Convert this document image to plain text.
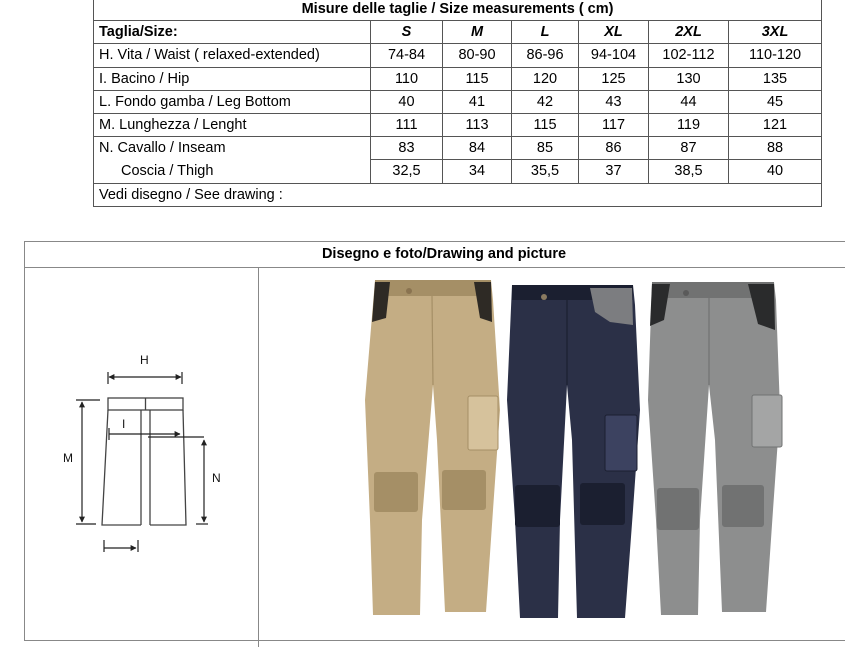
Misure delle taglie / Size measurements ( cm)						
Taglia/Size:	S	M	L	XL	2XL	3XL
H. Vita / Waist ( relaxed-extended)	74-84	80-90	86-96	94-104	102-112	110-120
I. Bacino / Hip	110	115	120	125	130	135
L. Fondo gamba / Leg Bottom	40	41	42	43	44	45
M. Lunghezza / Lenght	111	113	115	117	119	121
N. Cavallo / Inseam	83	84	85	86	87	88
Coscia / Thigh	32,5	34	35,5	37	38,5	40
Vedi disegno / See drawing :						
Disegno e foto/Drawing and picture
H
I
M
N
